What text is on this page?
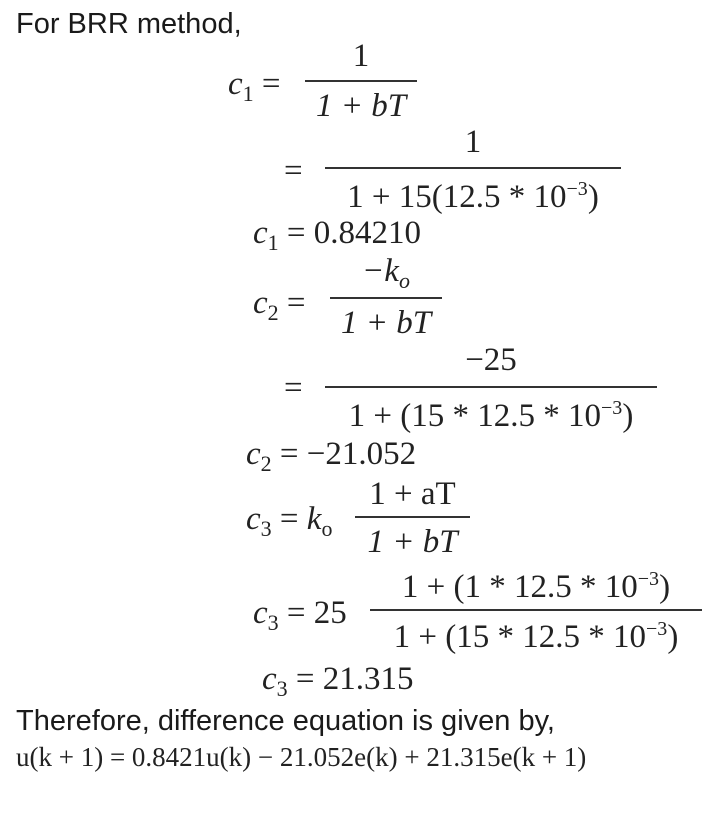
For BRR method,
$c_1$ =
1
1 + bT
=
1
$1 + 15(12.5 * 10^{-3})$
$c_1 = 0.84210$
$c_2$ =
$-k_o$
1 + bT
=
−25
$1 + (15 * 12.5 * 10^{-3})$
$c_2 = -21.052$
$c_3 = k_o$
1 + aT
1 + bT
$c_3 = 25$
$1 + (1 * 12.5 * 10^{-3})$
$1 + (15 * 12.5 * 10^{-3})$
$c_3 = 21.315$
Therefore, difference equation is given by,
u(k + 1) = 0.8421u(k) − 21.052e(k) + 21.315e(k + 1)
